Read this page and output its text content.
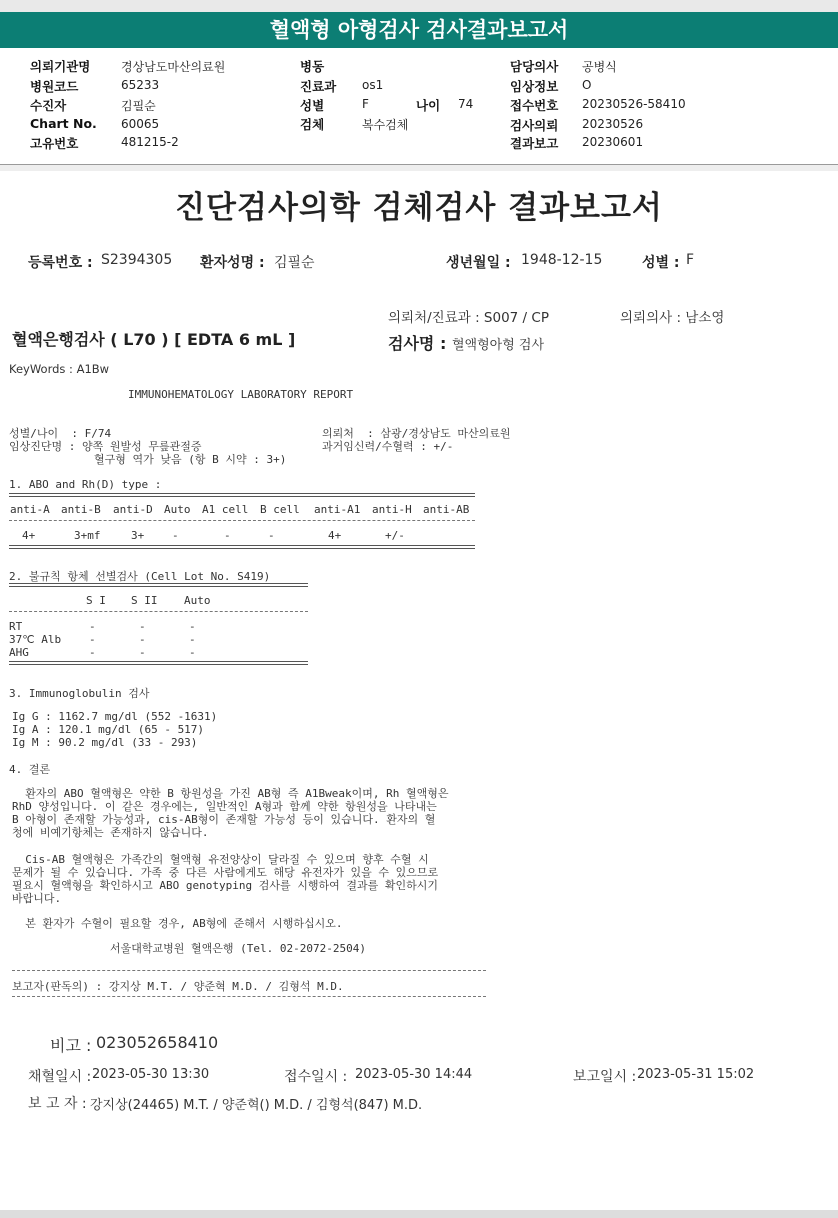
혈액형 아형검사 검사결과보고서
의뢰기관명	경상남도마산의료원
병원코드	65233
수진자	김필순
Chart No. 60065
고유번호	481215-2
병동
진료과 os1
성별	F	나이 74
검체	복수검체
담당의사 공병식
임상정보 O
접수번호 20230526-58410
검사의뢰 20230526
결과보고 20230601
진단검사의학 검체검사 결과보고서
등록번호 : S2394305 환자성명 : 김필순	생년월일 : 1948-12-15	성별 : F
의뢰처/진료과 : S007 / CP	의뢰의사 : 남소영
혈액은행검사 ( L70 ) [ EDTA 6 mL ]	검사명 : 혈액형아형 검사
KeyWords : A1Bw
IMMUNOHEMATOLOGY LABORATORY REPORT
성별/나이  : F/74	의뢰처  : 삼광/경상남도 마산의료원
임상진단명 : 양쪽 원발성 무릎관절증	과거임신력/수혈력 : +/-
혈구형 역가 낮음 (항 B 시약 : 3+)
1. ABO and Rh(D) type :
anti-A anti-B anti-D Auto A1 cell B cell anti-A1 anti-H anti-AB
4+	3+mf	3+	-	-	-	4+	+/-
2. 불규칙 항체 선별검사 (Cell Lot No. S419)
S I S II Auto
RT	-	-	-
37℃ Alb	-	-	-
AHG	-	-	-
3. Immunoglobulin 검사
Ig G : 1162.7 mg/dl (552 -1631)
Ig A : 120.1 mg/dl (65 - 517)
Ig M : 90.2 mg/dl (33 - 293)
4. 결론
환자의 ABO 혈액형은 약한 B 항원성을 가진 AB형 즉 A1Bweak이며, Rh 혈액형은
RhD 양성입니다. 이 같은 경우에는, 일반적인 A형과 함께 약한 항원성을 나타내는
B 아형이 존재할 가능성과, cis-AB형이 존재할 가능성 등이 있습니다. 환자의 혈
청에 비예기항체는 존재하지 않습니다.
Cis-AB 혈액형은 가족간의 혈액형 유전양상이 달라질 수 있으며 향후 수혈 시
문제가 될 수 있습니다. 가족 중 다른 사람에게도 해당 유전자가 있을 수 있으므로
필요시 혈액형을 확인하시고 ABO genotyping 검사를 시행하여 결과를 확인하시기
바랍니다.
본 환자가 수혈이 필요할 경우, AB형에 준해서 시행하십시오.
서울대학교병원 혈액은행 (Tel. 02-2072-2504)
보고자(판독의) : 강지상 M.T. / 양준혁 M.D. / 김형석 M.D.
비고 : 023052658410
채혈일시 : 2023-05-30 13:30	접수일시 : 2023-05-30 14:44	보고일시 : 2023-05-31 15:02
보 고 자 : 강지상(24465) M.T. / 양준혁() M.D. / 김형석(847) M.D.
